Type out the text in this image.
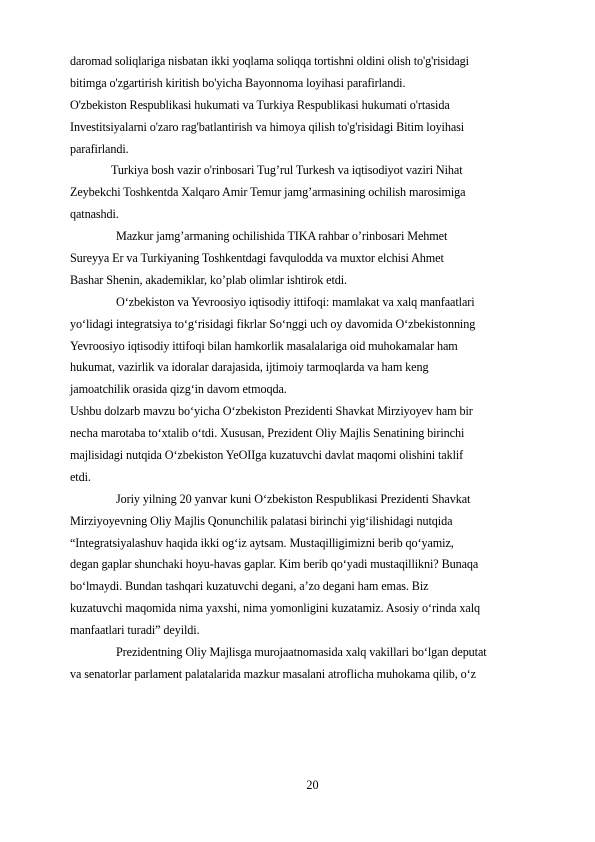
daromad soliqlariga nisbatan ikki yoqlama soliqqa tortishni oldini olish to'g'risidagi
bitimga o'zgartirish kiritish bo'yicha Bayonnoma loyihasi parafirlandi.
O'zbekiston Respublikasi hukumati va Turkiya Respublikasi hukumati o'rtasida
Investitsiyalarni o'zaro rag'batlantirish va himoya qilish to'g'risidagi Bitim loyihasi
parafirlandi.
Turkiya bosh vazir o'rinbosari Tug’rul Turkesh va iqtisodiyot vaziri Nihat
Zeybekchi Toshkentda Xalqaro Amir Temur jamg’armasining ochilish marosimiga
qatnashdi.
Mazkur jamg’armaning ochilishida TIKA rahbar o’rinbosari Mehmet
Sureyya Er va Turkiyaning Toshkentdagi favqulodda va muxtor elchisi Ahmet
Bashar Shenin, akademiklar, ko’plab olimlar ishtirok etdi.
O‘zbekiston va Yevroosiyo iqtisodiy ittifoqi: mamlakat va xalq manfaatlari
yo‘lidagi integratsiya to‘g‘risidagi fikrlar So‘nggi uch oy davomida O‘zbekistonning
Yevroosiyo iqtisodiy ittifoqi bilan hamkorlik masalalariga oid muhokamalar ham
hukumat, vazirlik va idoralar darajasida, ijtimoiy tarmoqlarda va ham keng
jamoatchilik orasida qizg‘in davom etmoqda.
Ushbu dolzarb mavzu bo‘yicha O‘zbekiston Prezidenti Shavkat Mirziyoyev ham bir
necha marotaba to‘xtalib o‘tdi. Xususan, Prezident Oliy Majlis Senatining birinchi
majlisidagi nutqida O‘zbekiston YeOIIga kuzatuvchi davlat maqomi olishini taklif
etdi.
Joriy yilning 20 yanvar kuni O‘zbekiston Respublikasi Prezidenti Shavkat
Mirziyoyevning Oliy Majlis Qonunchilik palatasi birinchi yig‘ilishidagi nutqida
“Integratsiyalashuv haqida ikki og‘iz aytsam. Mustaqilligimizni berib qo‘yamiz,
degan gaplar shunchaki hoyu-havas gaplar. Kim berib qo‘yadi mustaqillikni? Bunaqa
bo‘lmaydi. Bundan tashqari kuzatuvchi degani, a’zo degani ham emas. Biz
kuzatuvchi maqomida nima yaxshi, nima yomonligini kuzatamiz. Asosiy o‘rinda xalq
manfaatlari turadi” deyildi.
Prezidentning Oliy Majlisga murojaatnomasida xalq vakillari bo‘lgan deputat
va senatorlar parlament palatalarida mazkur masalani atroflicha muhokama qilib, o‘z
20
